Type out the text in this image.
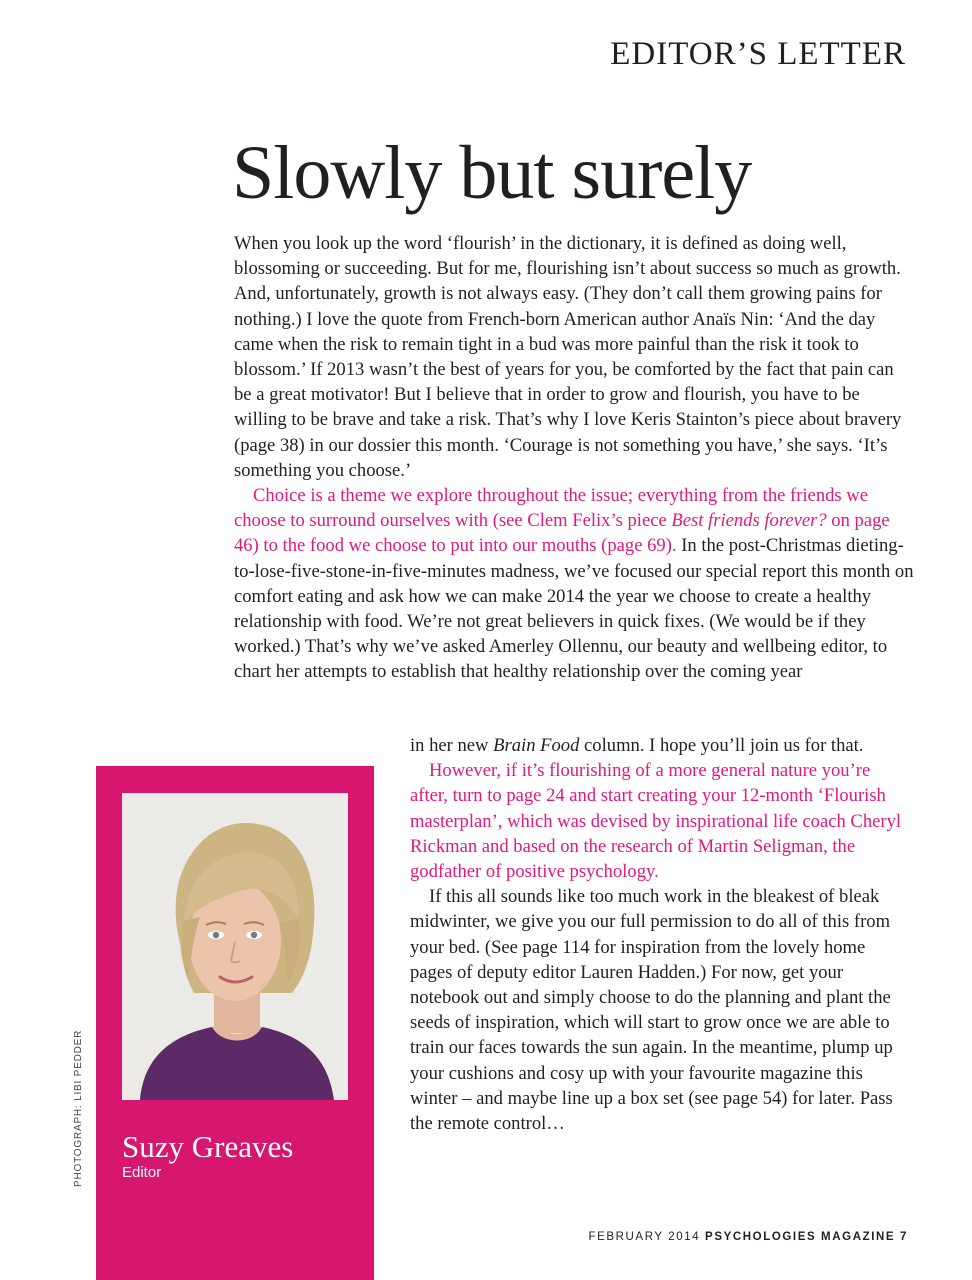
EDITOR’S LETTER
Slowly but surely

When you look up the word ‘flourish’ in the dictionary, it is defined as doing well, blossoming or succeeding. But for me, flourishing isn’t about success so much as growth. And, unfortunately, growth is not always easy. (They don’t call them growing pains for nothing.) I love the quote from French-born American author Anaïs Nin: ‘And the day came when the risk to remain tight in a bud was more painful than the risk it took to blossom.’ If 2013 wasn’t the best of years for you, be comforted by the fact that pain can be a great motivator! But I believe that in order to grow and flourish, you have to be willing to be brave and take a risk. That’s why I love Keris Stainton’s piece about bravery (page 38) in our dossier this month. ‘Courage is not something you have,’ she says. ‘It’s something you choose.’

Choice is a theme we explore throughout the issue; everything from the friends we choose to surround ourselves with (see Clem Felix’s piece Best friends forever? on page 46) to the food we choose to put into our mouths (page 69). In the post-Christmas dieting-to-lose-five-stone-in-five-minutes madness, we’ve focused our special report this month on comfort eating and ask how we can make 2014 the year we choose to create a healthy relationship with food. We’re not great believers in quick fixes. (We would be if they worked.) That’s why we’ve asked Amerley Ollennu, our beauty and wellbeing editor, to chart her attempts to establish that healthy relationship over the coming year

in her new Brain Food column. I hope you’ll join us for that.

However, if it’s flourishing of a more general nature you’re after, turn to page 24 and start creating your 12-month ‘Flourish masterplan’, which was devised by inspirational life coach Cheryl Rickman and based on the research of Martin Seligman, the godfather of positive psychology.

If this all sounds like too much work in the bleakest of bleak midwinter, we give you our full permission to do all of this from your bed. (See page 114 for inspiration from the lovely home pages of deputy editor Lauren Hadden.) For now, get your notebook out and simply choose to do the planning and plant the seeds of inspiration, which will start to grow once we are able to train our faces towards the sun again. In the meantime, plump up your cushions and cosy up with your favourite magazine this winter – and maybe line up a box set (see page 54) for later. Pass the remote control…

Suzy Greaves
Editor
PHOTOGRAPH: LIBI PEDDER
FEBRUARY 2014 PSYCHOLOGIES MAGAZINE 7
